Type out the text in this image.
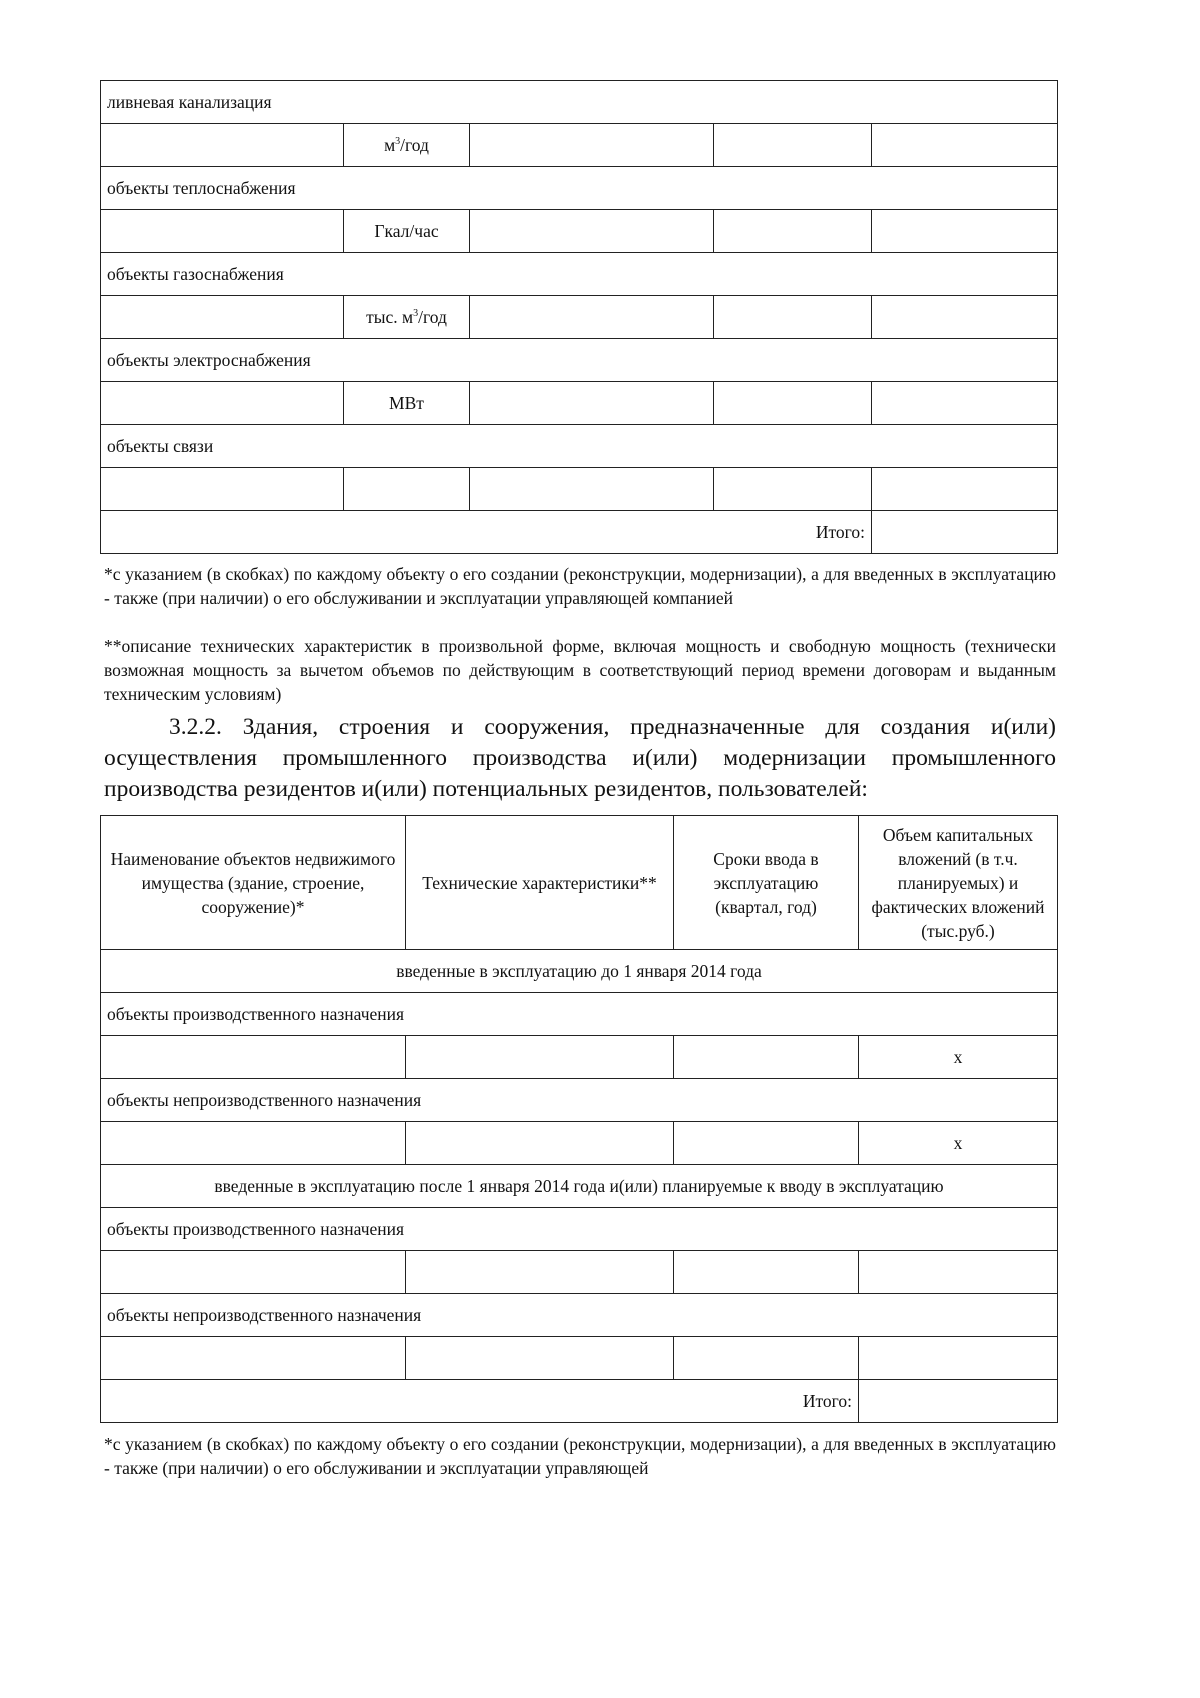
ливневая канализация				
	$м^3$/год			
объекты теплоснабжения				
	Гкал/час			
объекты газоснабжения				
	тыс. $м^3$/год			
объекты электроснабжения				
	МВт			
объекты связи				

Итого:				
*с указанием (в скобках) по каждому объекту о его создании (реконструкции, модернизации), а для введенных в эксплуатацию - также (при наличии) о его обслуживании и эксплуатации управляющей компанией
**описание технических характеристик в произвольной форме, включая мощность и свободную мощность (технически возможная мощность за вычетом объемов по действующим в соответствующий период времени договорам и выданным техническим условиям)
3.2.2. Здания, строения и сооружения, предназначенные для создания и(или) осуществления промышленного производства и(или) модернизации промышленного производства резидентов и(или) потенциальных резидентов, пользователей:
Наименование объектов недвижимого имущества (здание, строение, сооружение)*	Технические характеристики**	Сроки ввода в эксплуатацию (квартал, год)	Объем капитальных вложений (в т.ч. планируемых) и фактических вложений (тыс.руб.)
введенные в эксплуатацию до 1 января 2014 года			
объекты производственного назначения			
			x
объекты непроизводственного назначения			
			x
введенные в эксплуатацию после 1 января 2014 года и(или) планируемые к вводу в эксплуатацию			
объекты производственного назначения			

объекты непроизводственного назначения			

Итого:			
*с указанием (в скобках) по каждому объекту о его создании (реконструкции, модернизации), а для введенных в эксплуатацию - также (при наличии) о его обслуживании и эксплуатации управляющей
